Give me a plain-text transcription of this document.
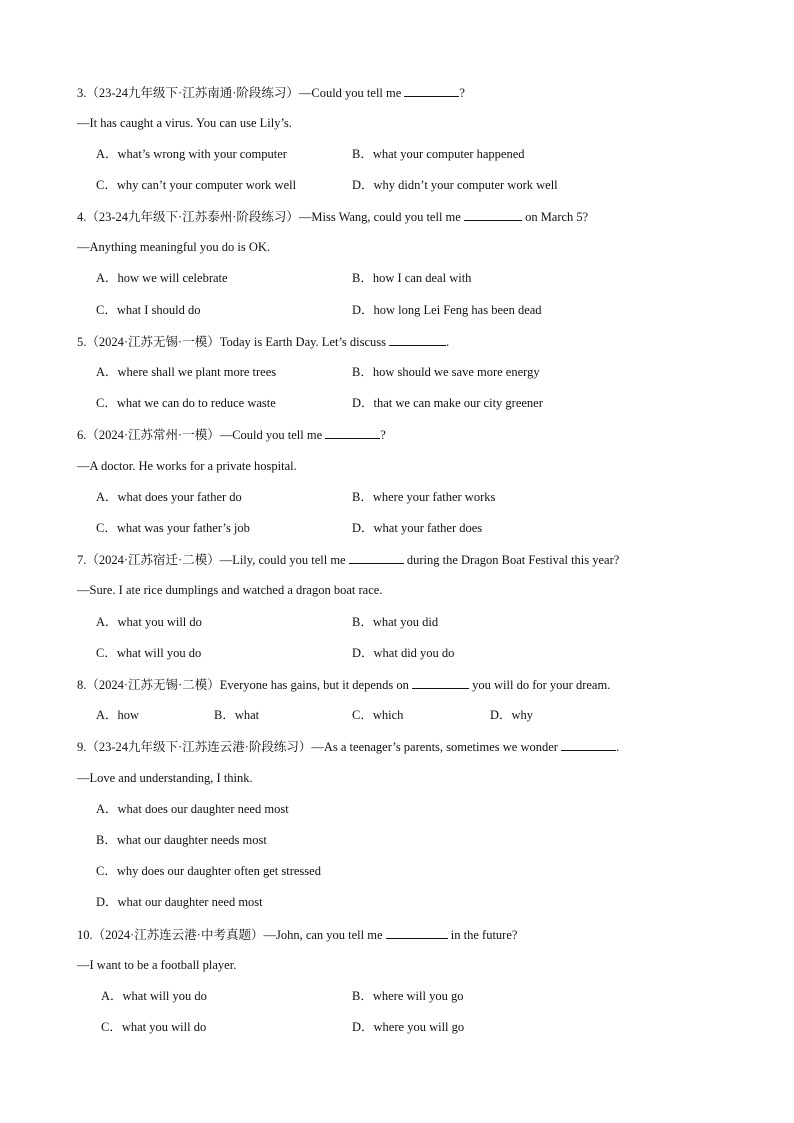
3.（23-24九年级下·江苏南通·阶段练习）—Could you tell me	?
—It has caught a virus. You can use Lily’s.
A．what’s wrong with your computer	B．what your computer happened
C．why can’t your computer work well	D．why didn’t your computer work well
4.（23-24九年级下·江苏泰州·阶段练习）—Miss Wang, could you tell me	on March 5?
—Anything meaningful you do is OK.
A．how we will celebrate	B．how I can deal with
C．what I should do	D．how long Lei Feng has been dead
5.（2024·江苏无锡·一模）Today is Earth Day. Let’s discuss	.
A．where shall we plant more trees	B．how should we save more energy
C．what we can do to reduce waste	D．that we can make our city greener
6.（2024·江苏常州·一模）—Could you tell me	?
—A doctor. He works for a private hospital.
A．what does your father do	B．where your father works
C．what was your father’s job	D．what your father does
7.（2024·江苏宿迁·二模）—Lily, could you tell me	during the Dragon Boat Festival this year?
—Sure. I ate rice dumplings and watched a dragon boat race.
A．what you will do	B．what you did
C．what will you do	D．what did you do
8.（2024·江苏无锡·二模）Everyone has gains, but it depends on	you will do for your dream.
A．how	B．what	C．which	D．why
9.（23-24九年级下·江苏连云港·阶段练习）—As a teenager’s parents, sometimes we wonder	.
—Love and understanding, I think.
A．what does our daughter need most
B．what our daughter needs most
C．why does our daughter often get stressed
D．what our daughter need most
10.（2024·江苏连云港·中考真题）—John, can you tell me	in the future?
—I want to be a football player.
A．what will you do	B．where will you go
C．what you will do	D．where you will go
